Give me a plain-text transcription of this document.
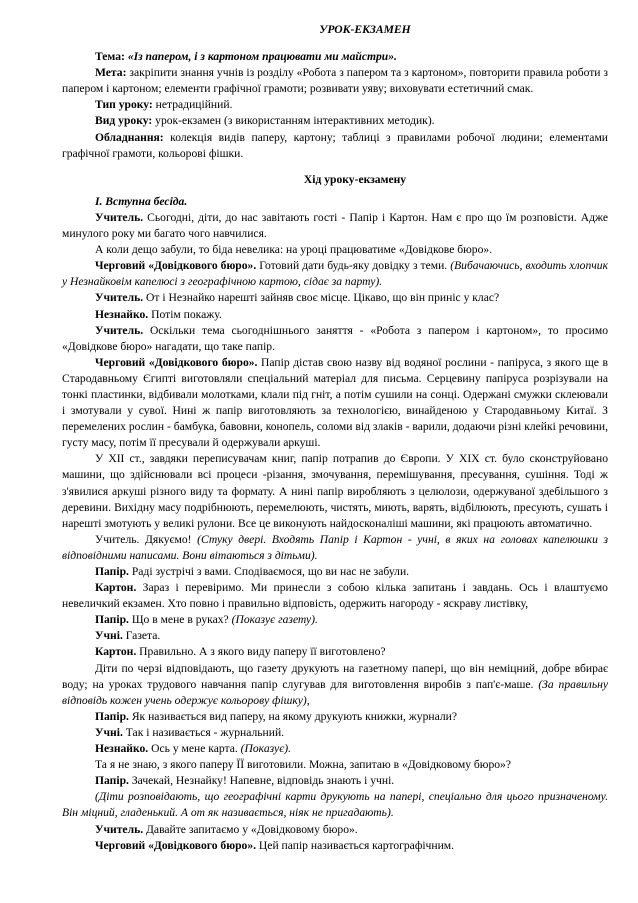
УРОК-ЕКЗАМЕН

Тема: «Із папером, і з картоном працювати ми майстри».

Мета: закріпити знання учнів із розділу «Робота з папером та з картоном», повторити правила роботи з папером і картоном; елементи графічної грамоти; розвивати уяву; виховувати естетичний смак.

Тип уроку: нетрадиційний.

Вид уроку: урок-екзамен (з використанням інтерактивних методик).

Обладнання: колекція видів паперу, картону; таблиці з правилами робочої людини; елементами графічної грамоти, кольорові фішки.

Хід уроку-екзамену

І. Вступна бесіда.

Учитель. Сьогодні, діти, до нас завітають гості - Папір і Картон. Нам є про що їм розповісти. Адже минулого року ми багато чого навчилися.

А коли дещо забули, то біда невелика: на уроці працюватиме «Довідкове бюро».

Черговий «Довідкового бюро». Готовий дати будь-яку довідку з теми. (Вибачаючись, входить хлопчик у Незнайковім капелюсі з географічною картою, сідає за парту).

Учитель. От і Незнайко нарешті зайняв своє місце. Цікаво, що він приніс у клас?

Незнайко. Потім покажу.

Учитель. Оскільки тема сьогоднішнього заняття - «Робота з папером і картоном», то просимо «Довідкове бюро» нагадати, що таке папір.

Черговий «Довідкового бюро». Папір дістав свою назву від водяної рослини - папіруса, з якого ще в Стародавньому Єгипті виготовляли спеціальний матеріал для письма. Серцевину папіруса розрізували на тонкі пластинки, відбивали молотками, клали під гніт, а потім сушили на сонці. Одержані смужки склеювали і змотували у сувої. Нині ж папір виготовляють за технологією, винайденою у Стародавньому Китаї. З перемелених рослин - бамбука, бавовни, конопель, соломи від злаків - варили, додаючи різні клейкі речовини, густу масу, потім її пресували й одержували аркуші.

У XII ст., завдяки переписувачам книг, папір потрапив до Європи. У XIX ст. було сконструйовано машини, що здійснювали всі процеси -різання, змочування, перемішування, пресування, сушіння. Тоді ж з'явилися аркуші різного виду та формату. А нині папір виробляють з целюлози, одержуваної здебільшого з деревини. Вихідну масу подрібнюють, перемелюють, чистять, миють, варять, відбілюють, пресують, сушать і нарешті змотують у великі рулони. Все це виконують найдосконаліші машини, які працюють автоматично.

Учитель. Дякуємо! (Стуку двері. Входять Папір і Картон - учні, в яких на головах капелюшки з відповідними написами. Вони вітаються з дітьми).

Папір. Раді зустрічі з вами. Сподіваємося, що ви нас не забули.

Картон. Зараз і перевіримо. Ми принесли з собою кілька запитань і завдань. Ось і влаштуємо невеличкий екзамен. Хто повно і правильно відповість, одержить нагороду - яскраву листівку,

Папір. Що в мене в руках? (Показує газету).

Учні. Газета.

Картон. Правильно. А з якого виду паперу її виготовлено?

Діти по черзі відповідають, що газету друкують на газетному папері, що він неміцний, добре вбирає воду; на уроках трудового навчання папір слугував для виготовлення виробів з пап'є-маше. (За правильну відповідь кожен учень одержує кольорову фішку),

Папір. Як називається вид паперу, на якому друкують книжки, журнали?

Учні. Так і називається - журнальний.

Незнайко. Ось у мене карта. (Показує).

Та я не знаю, з якого паперу ЇЇ виготовили. Можна, запитаю в «Довідковому бюро»?

Папір. Зачекай, Незнайку! Напевне, відповідь знають і учні.

(Діти розповідають, що географічні карти друкують на папері, спеціально для цього призначеному. Він міцний, гладенький. А от як називається, ніяк не пригадають).

Учитель. Давайте запитаємо у «Довідковому бюро».

Черговий «Довідкового бюро». Цей папір називається картографічним.
